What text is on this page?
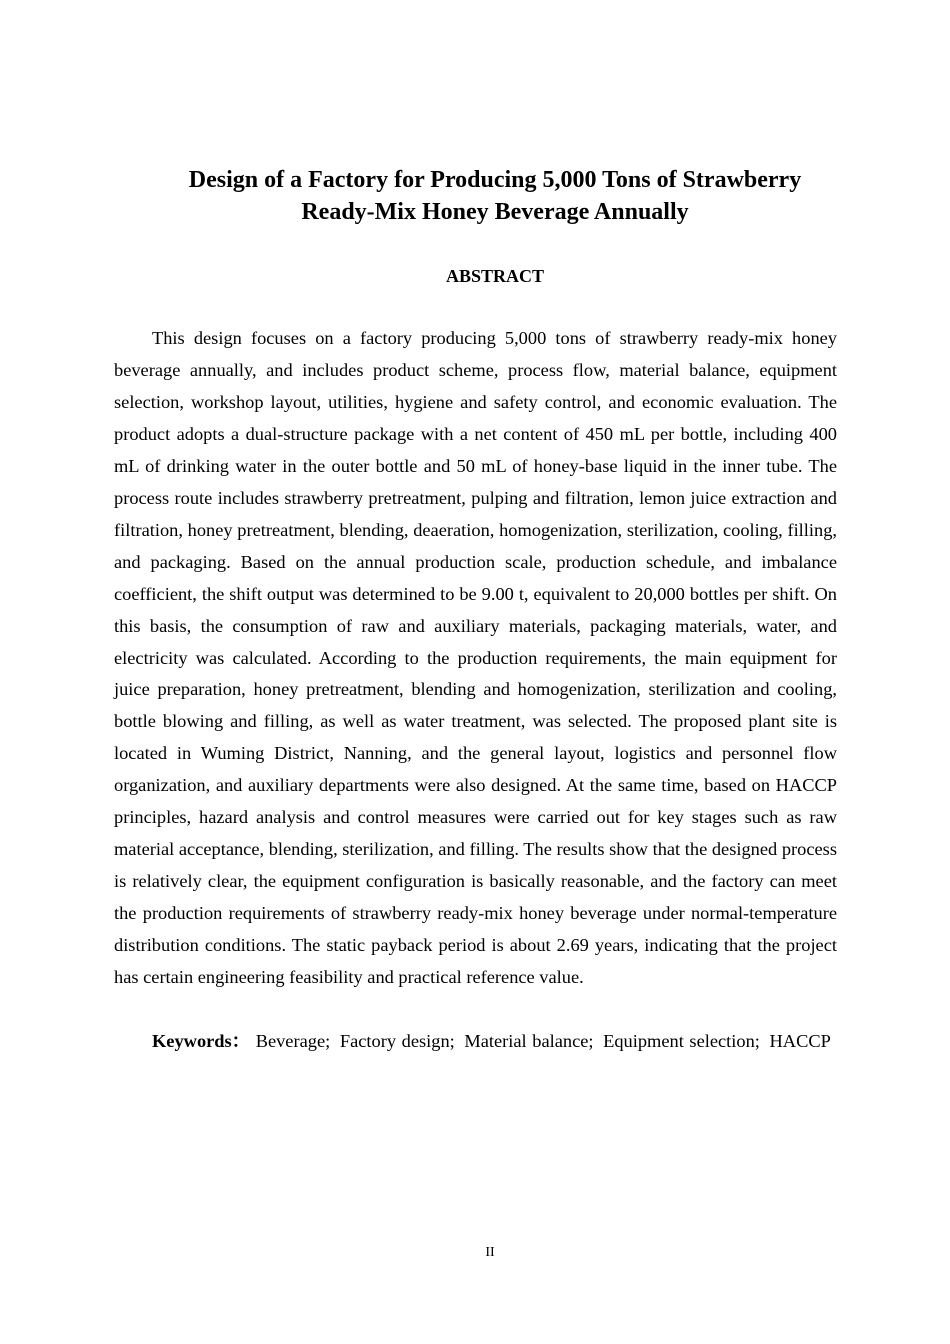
Design of a Factory for Producing 5,000 Tons of Strawberry
Ready-Mix Honey Beverage Annually
ABSTRACT

This design focuses on a factory producing 5,000 tons of strawberry ready-mix honey beverage annually, and includes product scheme, process flow, material balance, equipment selection, workshop layout, utilities, hygiene and safety control, and economic evaluation. The product adopts a dual-structure package with a net content of 450 mL per bottle, including 400 mL of drinking water in the outer bottle and 50 mL of honey-base liquid in the inner tube. The process route includes strawberry pretreatment, pulping and filtration, lemon juice extraction and filtration, honey pretreatment, blending, deaeration, homogenization, sterilization, cooling, filling, and packaging. Based on the annual production scale, production schedule, and imbalance coefficient, the shift output was determined to be 9.00 t, equivalent to 20,000 bottles per shift. On this basis, the consumption of raw and auxiliary materials, packaging materials, water, and electricity was calculated. According to the production requirements, the main equipment for juice preparation, honey pretreatment, blending and homogenization, sterilization and cooling, bottle blowing and filling, as well as water treatment, was selected. The proposed plant site is located in Wuming District, Nanning, and the general layout, logistics and personnel flow organization, and auxiliary departments were also designed. At the same time, based on HACCP principles, hazard analysis and control measures were carried out for key stages such as raw material acceptance, blending, sterilization, and filling. The results show that the designed process is relatively clear, the equipment configuration is basically reasonable, and the factory can meet the production requirements of strawberry ready-mix honey beverage under normal-temperature distribution conditions. The static payback period is about 2.69 years, indicating that the project has certain engineering feasibility and practical reference value.

Keywords： Beverage; Factory design; Material balance; Equipment selection; HACCP

II
